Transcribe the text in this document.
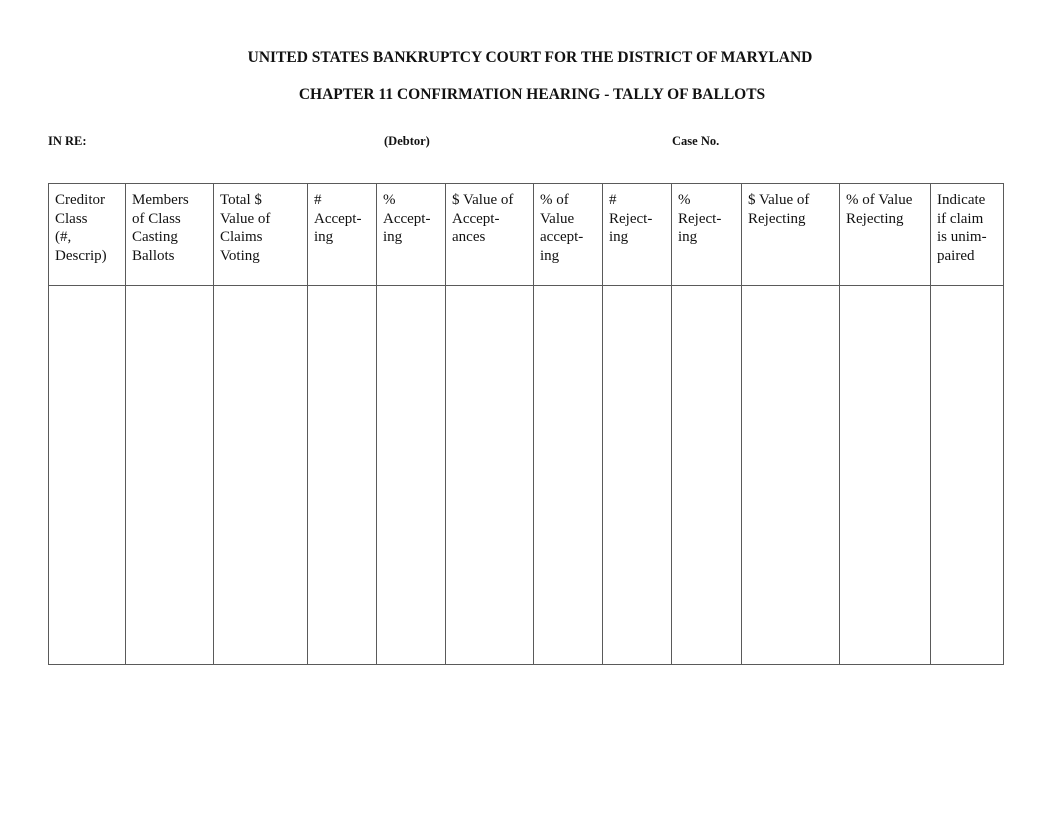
UNITED STATES BANKRUPTCY COURT FOR THE DISTRICT OF MARYLAND
CHAPTER 11 CONFIRMATION HEARING - TALLY OF BALLOTS
IN RE:	(Debtor)	Case No.
Creditor
Class
(#,
Descrip)	Members
of Class
Casting
Ballots	Total $
Value of
Claims
Voting	#
Accept-
ing	%
Accept-
ing	$ Value of
Accept-
ances	% of
Value
accept-
ing	#
Reject-
ing	%
Reject-
ing	$ Value of
Rejecting	% of Value
Rejecting	Indicate
if claim
is unim-
paired
